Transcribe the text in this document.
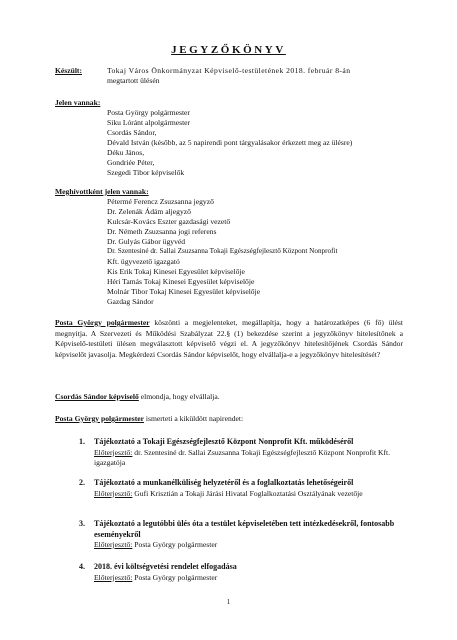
JEGYZŐKÖNYV
Készült:	Tokaj Város Önkormányzat Képviselő-testületének 2018. február 8-án
megtartott ülésén
Jelen vannak:
Posta György polgármester
Siku Lóránt alpolgármester
Csordás Sándor,
Dévald István (később, az 5 napirendi pont tárgyalásakor érkezett meg az ülésre)
Déku János,
Gondriée Péter,
Szegedi Tibor képviselők
Meghívottként jelen vannak:
Pétermé Ferencz Zsuzsanna jegyző
Dr. Zelenák Ádám aljegyző
Kulcsár-Kovács Eszter gazdasági vezető
Dr. Németh Zsuzsanna jogi referens
Dr. Gulyás Gábor ügyvéd
Dr. Szentesiné dr. Sallai Zsuzsanna Tokaji Egészségfejlesztő Központ Nonprofit
Kft. ügyvezető igazgató
Kis Erik Tokaj Kinesei Egyesület képviselője
Héri Tamás Tokaj Kinesei Egyesület képviselője
Molnár Tibor Tokaj Kinesei Egyesület képviselője
Gazdag Sándor
Posta György polgármester köszönti a megjelenteket, megállapítja, hogy a határozatképes (6 fő) ülést megnyitja. A Szervezeti és Működési Szabályzat 22.§ (1) bekezdése szerint a jegyzőkönyv hitelesítőnek a Képviselő-testületi ülésen megválasztott képviselő végzi el. A jegyzőkönyv hitelesítőjének Csordás Sándor képviselőt javasolja. Megkérdezi Csordás Sándor képviselőt, hogy elvállalja-e a jegyzőkönyv hitelesítését?
Csordás Sándor képviselő elmondja, hogy elvállalja.
Posta György polgármester ismerteti a kiküldött napirendet:
1. Tájékoztató a Tokaji Egészségfejlesztő Központ Nonprofit Kft. működéséről
Előterjesztő: dr. Szentesiné dr. Sallai Zsuzsanna Tokaji Egészségfejlesztő Központ Nonprofit Kft. igazgatója
2. Tájékoztató a munkanélküliség helyzetéről és a foglalkoztatás lehetőségeiről
Előterjesztő: Gufi Krisztián a Tokaji Járási Hivatal Foglalkoztatási Osztályának vezetője
3. Tájékoztató a legutóbbi ülés óta a testület képviseletében tett intézkedésekről, fontosabb eseményekről
Előterjesztő: Posta György polgármester
4. 2018. évi költségvetési rendelet elfogadása
Előterjesztő: Posta György polgármester
1
